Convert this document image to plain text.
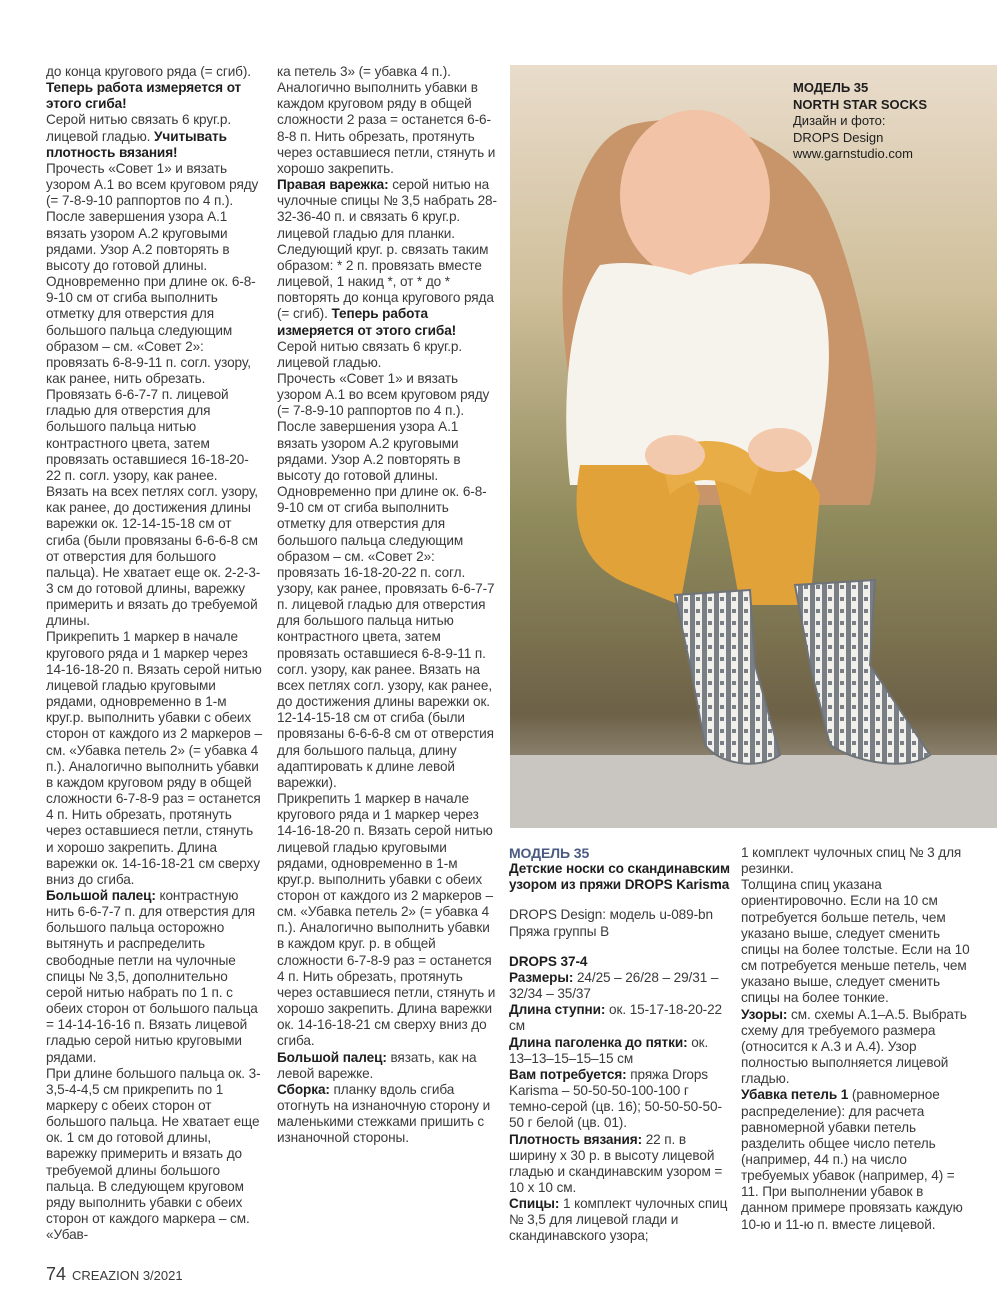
до конца кругового ряда (= сгиб). Теперь работа измеряется от этого сгиба!

Серой нитью связать 6 круг.р. лицевой гладью. Учитывать плотность вязания!

Прочесть «Совет 1» и вязать узором А.1 во всем круговом ряду (= 7-8-9-10 раппортов по 4 п.). После завершения узора А.1 вязать узором А.2 круговыми рядами. Узор А.2 повторять в высоту до готовой длины. Одновременно при длине ок. 6-8-9-10 см от сгиба выполнить отметку для отверстия для большого пальца следующим образом – см. «Совет 2»: провязать 6-8-9-11 п. согл. узору, как ранее, нить обрезать. Провязать 6-6-7-7 п. лицевой гладью для отверстия для большого пальца нитью контрастного цвета, затем провязать оставшиеся 16-18-20-22 п. согл. узору, как ранее. Вязать на всех петлях согл. узору, как ранее, до достижения длины варежки ок. 12-14-15-18 см от сгиба (были провязаны 6-6-6-8 см от отверстия для большого пальца). Не хватает еще ок. 2-2-3-3 см до готовой длины, варежку примерить и вязать до требуемой длины.

Прикрепить 1 маркер в начале кругового ряда и 1 маркер через 14-16-18-20 п. Вязать серой нитью лицевой гладью круговыми рядами, одновременно в 1-м круг.р. выполнить убавки с обеих сторон от каждого из 2 маркеров – см. «Убавка петель 2» (= убавка 4 п.). Аналогично выполнить убавки в каждом круговом ряду в общей сложности 6-7-8-9 раз = останется 4 п. Нить обрезать, протянуть через оставшиеся петли, стянуть и хорошо закрепить. Длина варежки ок. 14-16-18-21 см сверху вниз до сгиба.

Большой палец: контрастную нить 6-6-7-7 п. для отверстия для большого пальца осторожно вытянуть и распределить свободные петли на чулочные спицы № 3,5, дополнительно серой нитью набрать по 1 п. с обеих сторон от большого пальца = 14-14-16-16 п. Вязать лицевой гладью серой нитью круговыми рядами.

При длине большого пальца ок. 3-3,5-4-4,5 см прикрепить по 1 маркеру с обеих сторон от большого пальца. Не хватает еще ок. 1 см до готовой длины, варежку примерить и вязать до требуемой длины большого пальца. В следующем круговом ряду выполнить убавки с обеих сторон от каждого маркера – см. «Убав-

ка петель 3» (= убавка 4 п.). Аналогично выполнить убавки в каждом круговом ряду в общей сложности 2 раза = останется 6-6-8-8 п. Нить обрезать, протянуть через оставшиеся петли, стянуть и хорошо закрепить.

Правая варежка: серой нитью на чулочные спицы № 3,5 набрать 28-32-36-40 п. и связать 6 круг.р. лицевой гладью для планки.

Следующий круг. р. связать таким образом: * 2 п. провязать вместе лицевой, 1 накид *, от * до * повторять до конца кругового ряда (= сгиб). Теперь работа измеряется от этого сгиба!

Серой нитью связать 6 круг.р. лицевой гладью.

Прочесть «Совет 1» и вязать узором А.1 во всем круговом ряду (= 7-8-9-10 раппортов по 4 п.). После завершения узора А.1 вязать узором А.2 круговыми рядами. Узор А.2 повторять в высоту до готовой длины. Одновременно при длине ок. 6-8-9-10 см от сгиба выполнить отметку для отверстия для большого пальца следующим образом – см. «Совет 2»: провязать 16-18-20-22 п. согл. узору, как ранее, провязать 6-6-7-7 п. лицевой гладью для отверстия для большого пальца нитью контрастного цвета, затем провязать оставшиеся 6-8-9-11 п. согл. узору, как ранее. Вязать на всех петлях согл. узору, как ранее, до достижения длины варежки ок. 12-14-15-18 см от сгиба (были провязаны 6-6-6-8 см от отверстия для большого пальца, длину адаптировать к длине левой варежки).

Прикрепить 1 маркер в начале кругового ряда и 1 маркер через 14-16-18-20 п. Вязать серой нитью лицевой гладью круговыми рядами, одновременно в 1-м круг.р. выполнить убавки с обеих сторон от каждого из 2 маркеров – см. «Убавка петель 2» (= убавка 4 п.). Аналогично выполнить убавки в каждом круг. р. в общей сложности 6-7-8-9 раз = останется 4 п. Нить обрезать, протянуть через оставшиеся петли, стянуть и хорошо закрепить. Длина варежки ок. 14-16-18-21 см сверху вниз до сгиба.

Большой палец: вязать, как на левой варежке.

Сборка: планку вдоль сгиба отогнуть на изнаночную сторону и маленькими стежками пришить с изнаночной стороны.

МОДЕЛЬ 35
NORTH STAR SOCKS
Дизайн и фото:
DROPS Design
www.garnstudio.com

МОДЕЛЬ 35

Детские носки со скандинавским узором из пряжи DROPS Karisma

DROPS Design: модель u-089-bn

Пряжа группы B

DROPS 37-4

Размеры: 24/25 – 26/28 – 29/31 – 32/34 – 35/37

Длина ступни: ок. 15-17-18-20-22 см

Длина паголенка до пятки: ок. 13–13–15–15–15 см

Вам потребуется: пряжа Drops Karisma – 50-50-50-100-100 г темно-серой (цв. 16); 50-50-50-50-50 г белой (цв. 01).

Плотность вязания: 22 п. в ширину х 30 р. в высоту лицевой гладью и скандинавским узором = 10 х 10 см.

Спицы: 1 комплект чулочных спиц № 3,5 для лицевой глади и скандинавского узора;

1 комплект чулочных спиц № 3 для резинки.

Толщина спиц указана ориентировочно. Если на 10 см потребуется больше петель, чем указано выше, следует сменить спицы на более толстые. Если на 10 см потребуется меньше петель, чем указано выше, следует сменить спицы на более тонкие.

Узоры: см. схемы А.1–А.5. Выбрать схему для требуемого размера (относится к А.3 и А.4). Узор полностью выполняется лицевой гладью.

Убавка петель 1 (равномерное распределение): для расчета равномерной убавки петель разделить общее число петель (например, 44 п.) на число требуемых убавок (например, 4) = 11. При выполнении убавок в данном примере провязать каждую 10-ю и 11-ю п. вместе лицевой.

74 CREAZION 3/2021
